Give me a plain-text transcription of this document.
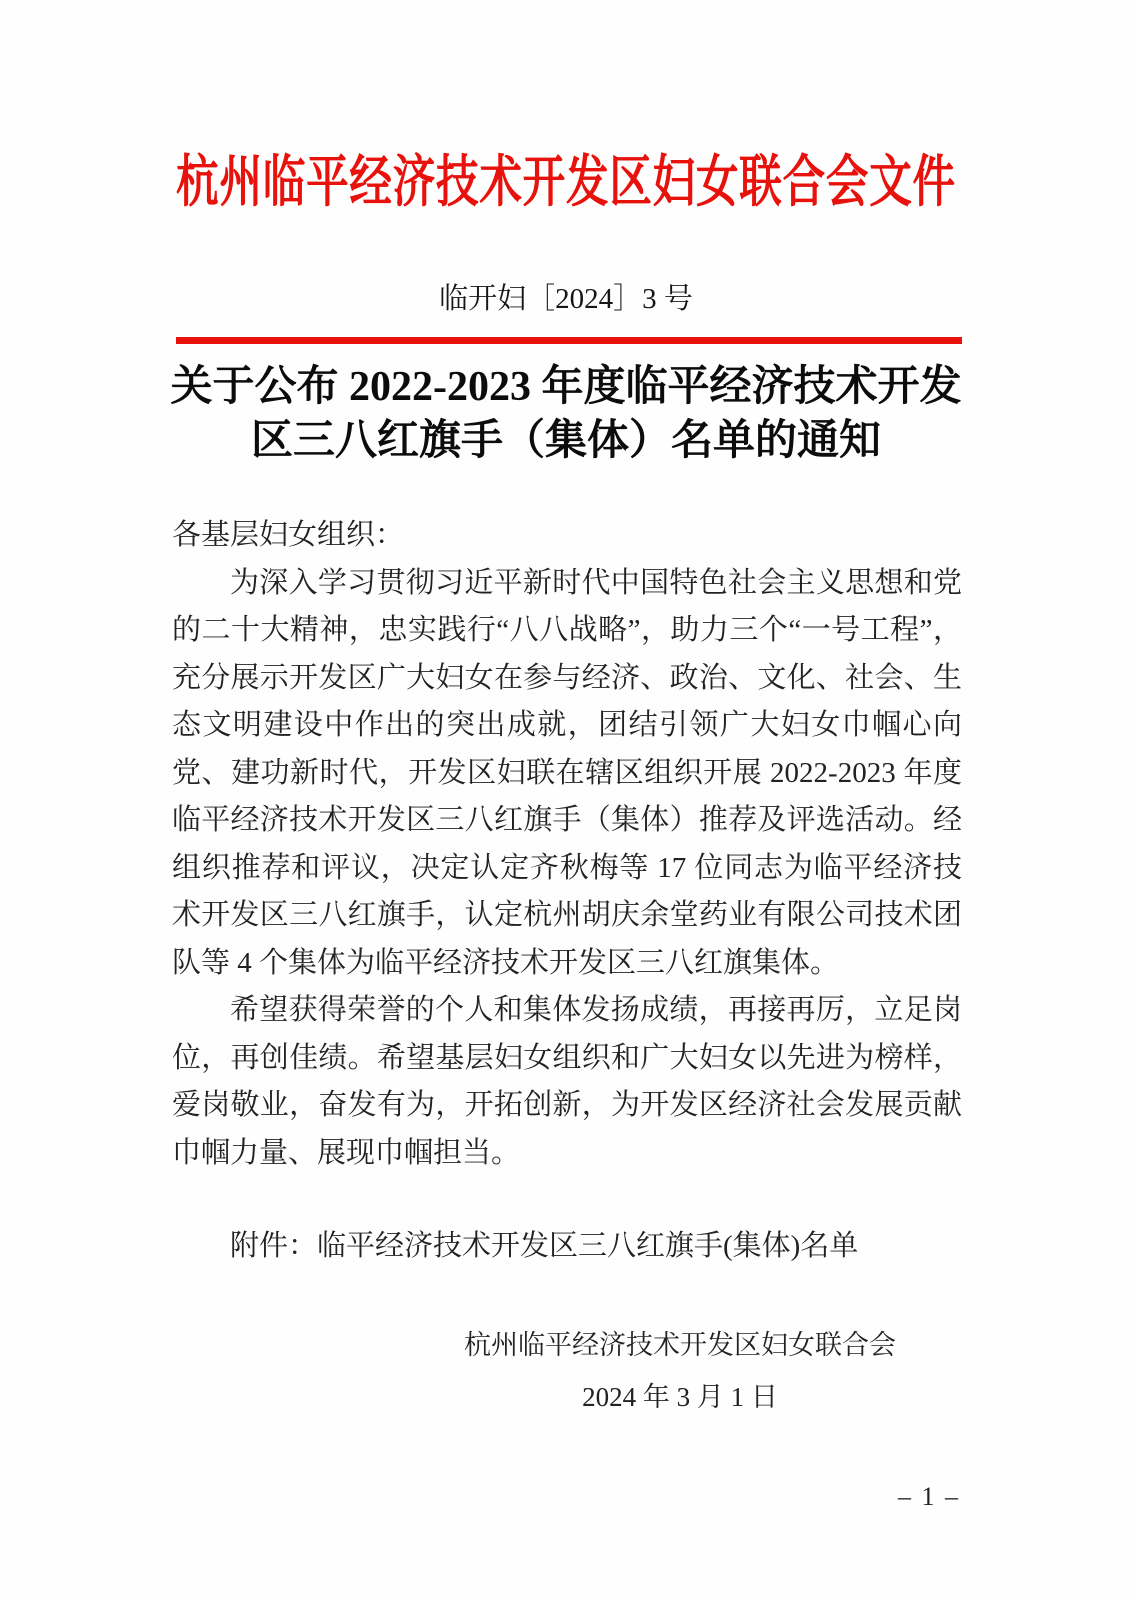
杭州临平经济技术开发区妇女联合会文件
临开妇［2024］3 号
关于公布 2022-2023 年度临平经济技术开发
区三八红旗手（集体）名单的通知
各基层妇女组织：
为深入学习贯彻习近平新时代中国特色社会主义思想和党的二十大精神，忠实践行“八八战略”，助力三个“一号工程”，充分展示开发区广大妇女在参与经济、政治、文化、社会、生态文明建设中作出的突出成就，团结引领广大妇女巾帼心向党、建功新时代，开发区妇联在辖区组织开展 2022-2023 年度临平经济技术开发区三八红旗手（集体）推荐及评选活动。经组织推荐和评议，决定认定齐秋梅等 17 位同志为临平经济技术开发区三八红旗手，认定杭州胡庆余堂药业有限公司技术团队等 4 个集体为临平经济技术开发区三八红旗集体。
希望获得荣誉的个人和集体发扬成绩，再接再厉，立足岗位，再创佳绩。希望基层妇女组织和广大妇女以先进为榜样，爱岗敬业，奋发有为，开拓创新，为开发区经济社会发展贡献巾帼力量、展现巾帼担当。
附件：临平经济技术开发区三八红旗手(集体)名单
杭州临平经济技术开发区妇女联合会
2024 年 3 月 1 日
– 1 –
